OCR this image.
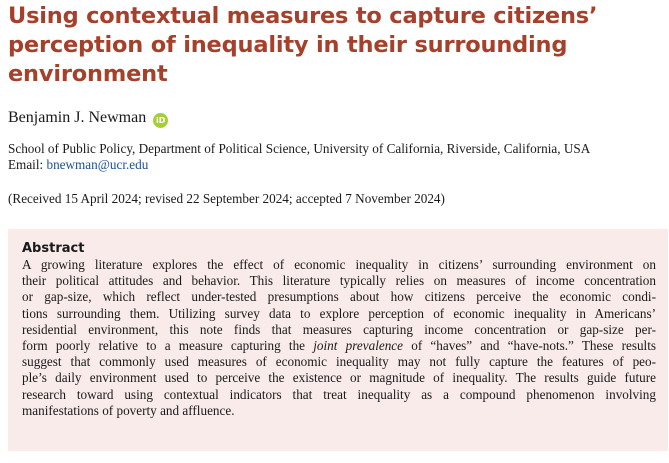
Using contextual measures to capture citizens’ perception of inequality in their surrounding environment
Benjamin J. Newman iD
School of Public Policy, Department of Political Science, University of California, Riverside, California, USA
Email: bnewman@ucr.edu
(Received 15 April 2024; revised 22 September 2024; accepted 7 November 2024)
Abstract
A growing literature explores the effect of economic inequality in citizens’ surrounding environment on
their political attitudes and behavior. This literature typically relies on measures of income concentration
or gap-size, which reflect under-tested presumptions about how citizens perceive the economic condi-
tions surrounding them. Utilizing survey data to explore perception of economic inequality in Americans’
residential environment, this note finds that measures capturing income concentration or gap-size per-
form poorly relative to a measure capturing the joint prevalence of “haves” and “have-nots.” These results
suggest that commonly used measures of economic inequality may not fully capture the features of peo-
ple’s daily environment used to perceive the existence or magnitude of inequality. The results guide future
research toward using contextual indicators that treat inequality as a compound phenomenon involving
manifestations of poverty and affluence.
